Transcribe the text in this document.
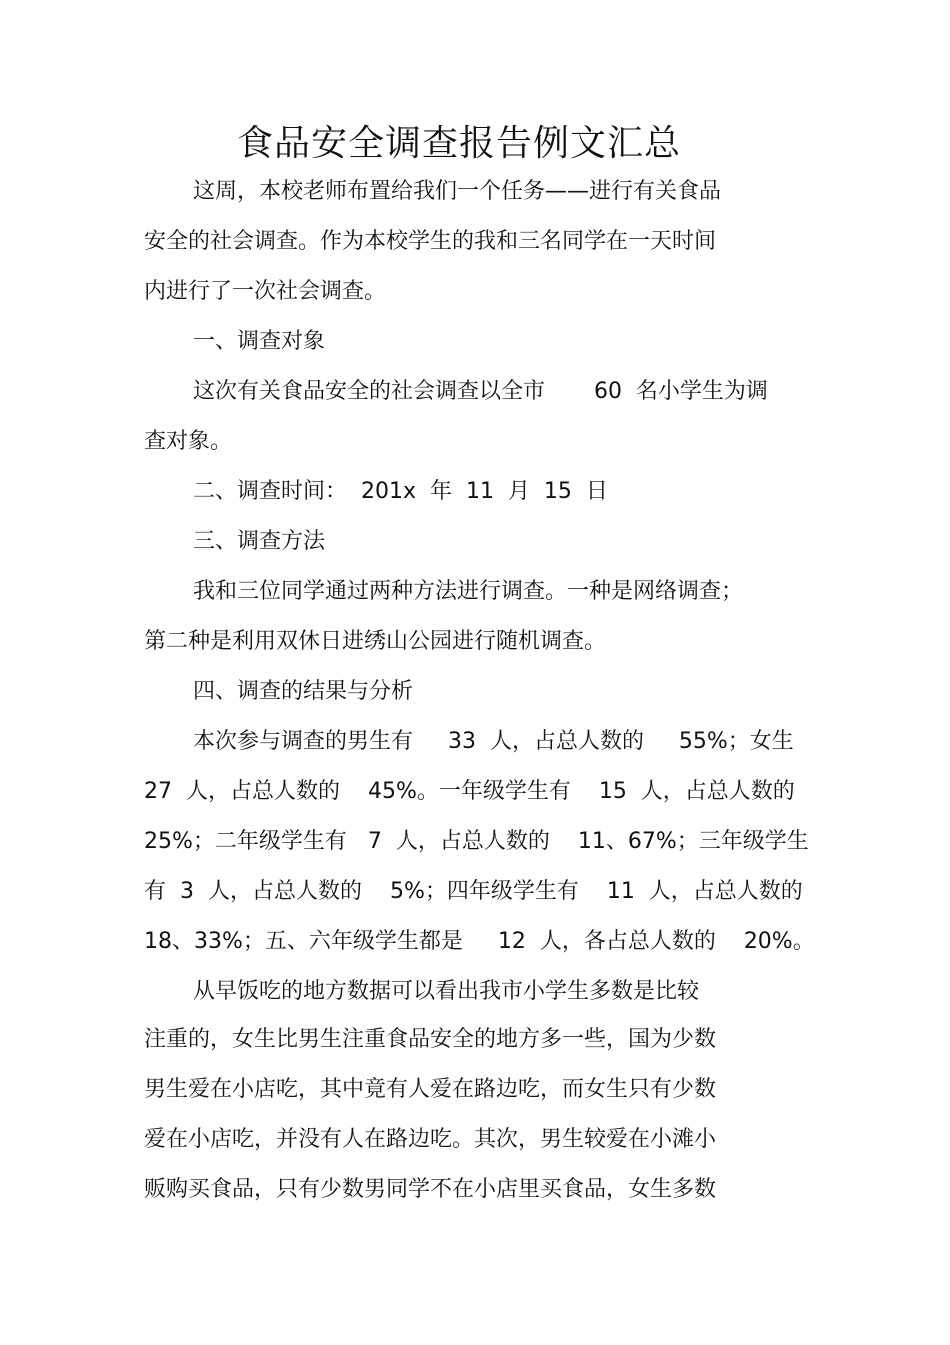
食品安全调查报告例文汇总
这周，本校老师布置给我们一个任务——进行有关食品
安全的社会调查。作为本校学生的我和三名同学在一天时间
内进行了一次社会调查。
一、调查对象
这次有关食品安全的社会调查以全市       60  名小学生为调
查对象。
二、调查时间：  201x  年  11  月  15  日
三、调查方法
我和三位同学通过两种方法进行调查。一种是网络调查；
第二种是利用双休日进绣山公园进行随机调查。
四、调查的结果与分析
本次参与调查的男生有     33  人，占总人数的     55%；女生
27  人，占总人数的    45%。一年级学生有    15  人，占总人数的
25%；二年级学生有   7  人，占总人数的    11、67%；三年级学生
有  3  人，占总人数的    5%；四年级学生有    11  人，占总人数的
18、33%；五、六年级学生都是     12  人，各占总人数的    20%。
从早饭吃的地方数据可以看出我市小学生多数是比较
注重的，女生比男生注重食品安全的地方多一些，国为少数
男生爱在小店吃，其中竟有人爱在路边吃，而女生只有少数
爱在小店吃，并没有人在路边吃。其次，男生较爱在小滩小
贩购买食品，只有少数男同学不在小店里买食品，女生多数
